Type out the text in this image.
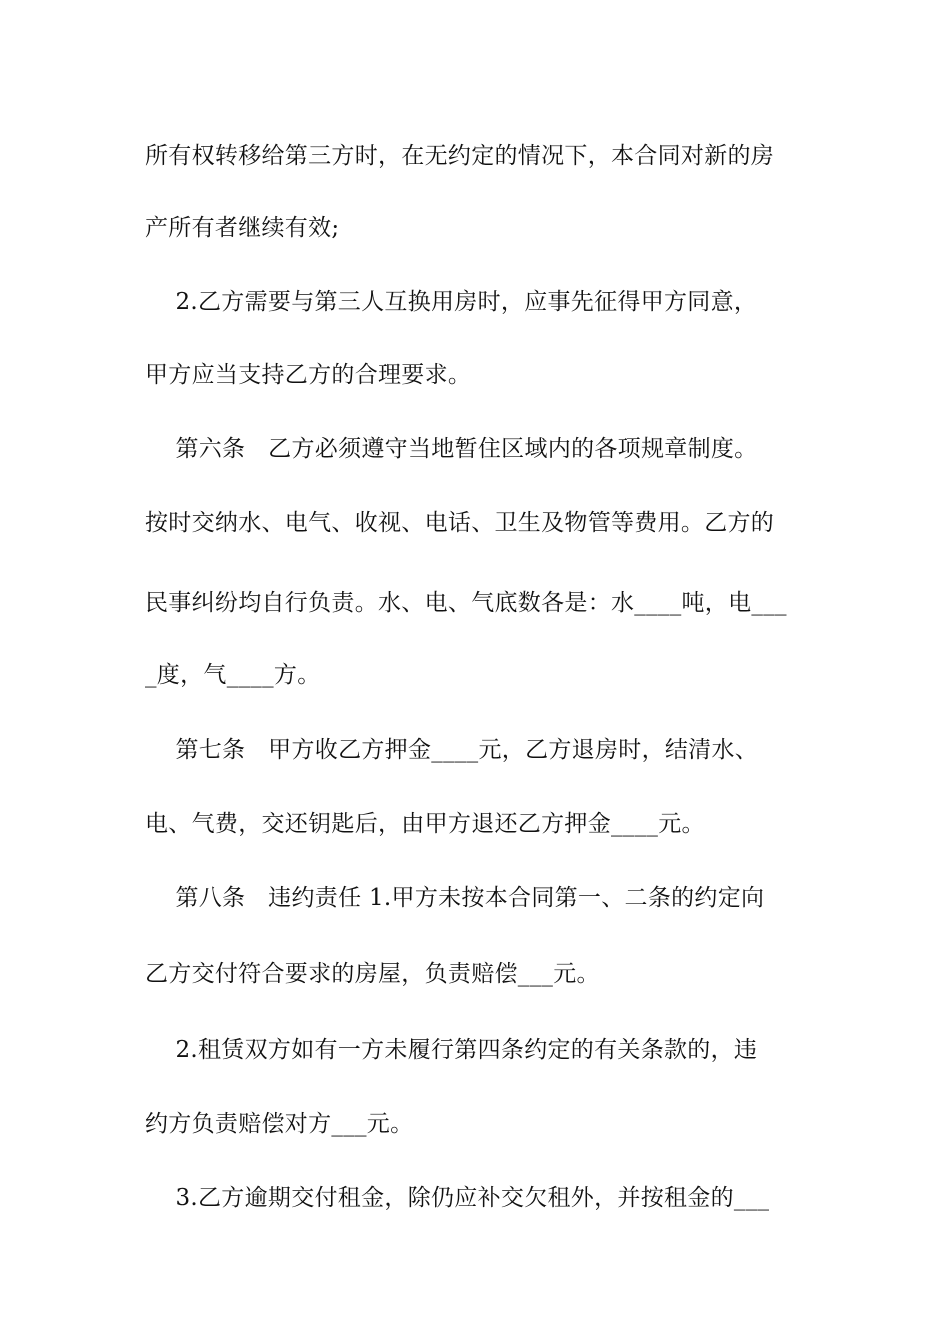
所有权转移给第三方时，在无约定的情况下，本合同对新的房
产所有者继续有效;
2.乙方需要与第三人互换用房时，应事先征得甲方同意，
甲方应当支持乙方的合理要求。
第六条   乙方必须遵守当地暂住区域内的各项规章制度。
按时交纳水、电气、收视、电话、卫生及物管等费用。乙方的
民事纠纷均自行负责。水、电、气底数各是：水____吨，电___
_度，气____方。
第七条   甲方收乙方押金____元，乙方退房时，结清水、
电、气费，交还钥匙后，由甲方退还乙方押金____元。
第八条   违约责任 1.甲方未按本合同第一、二条的约定向
乙方交付符合要求的房屋，负责赔偿___元。
2.租赁双方如有一方未履行第四条约定的有关条款的，违
约方负责赔偿对方___元。
3.乙方逾期交付租金，除仍应补交欠租外，并按租金的___
